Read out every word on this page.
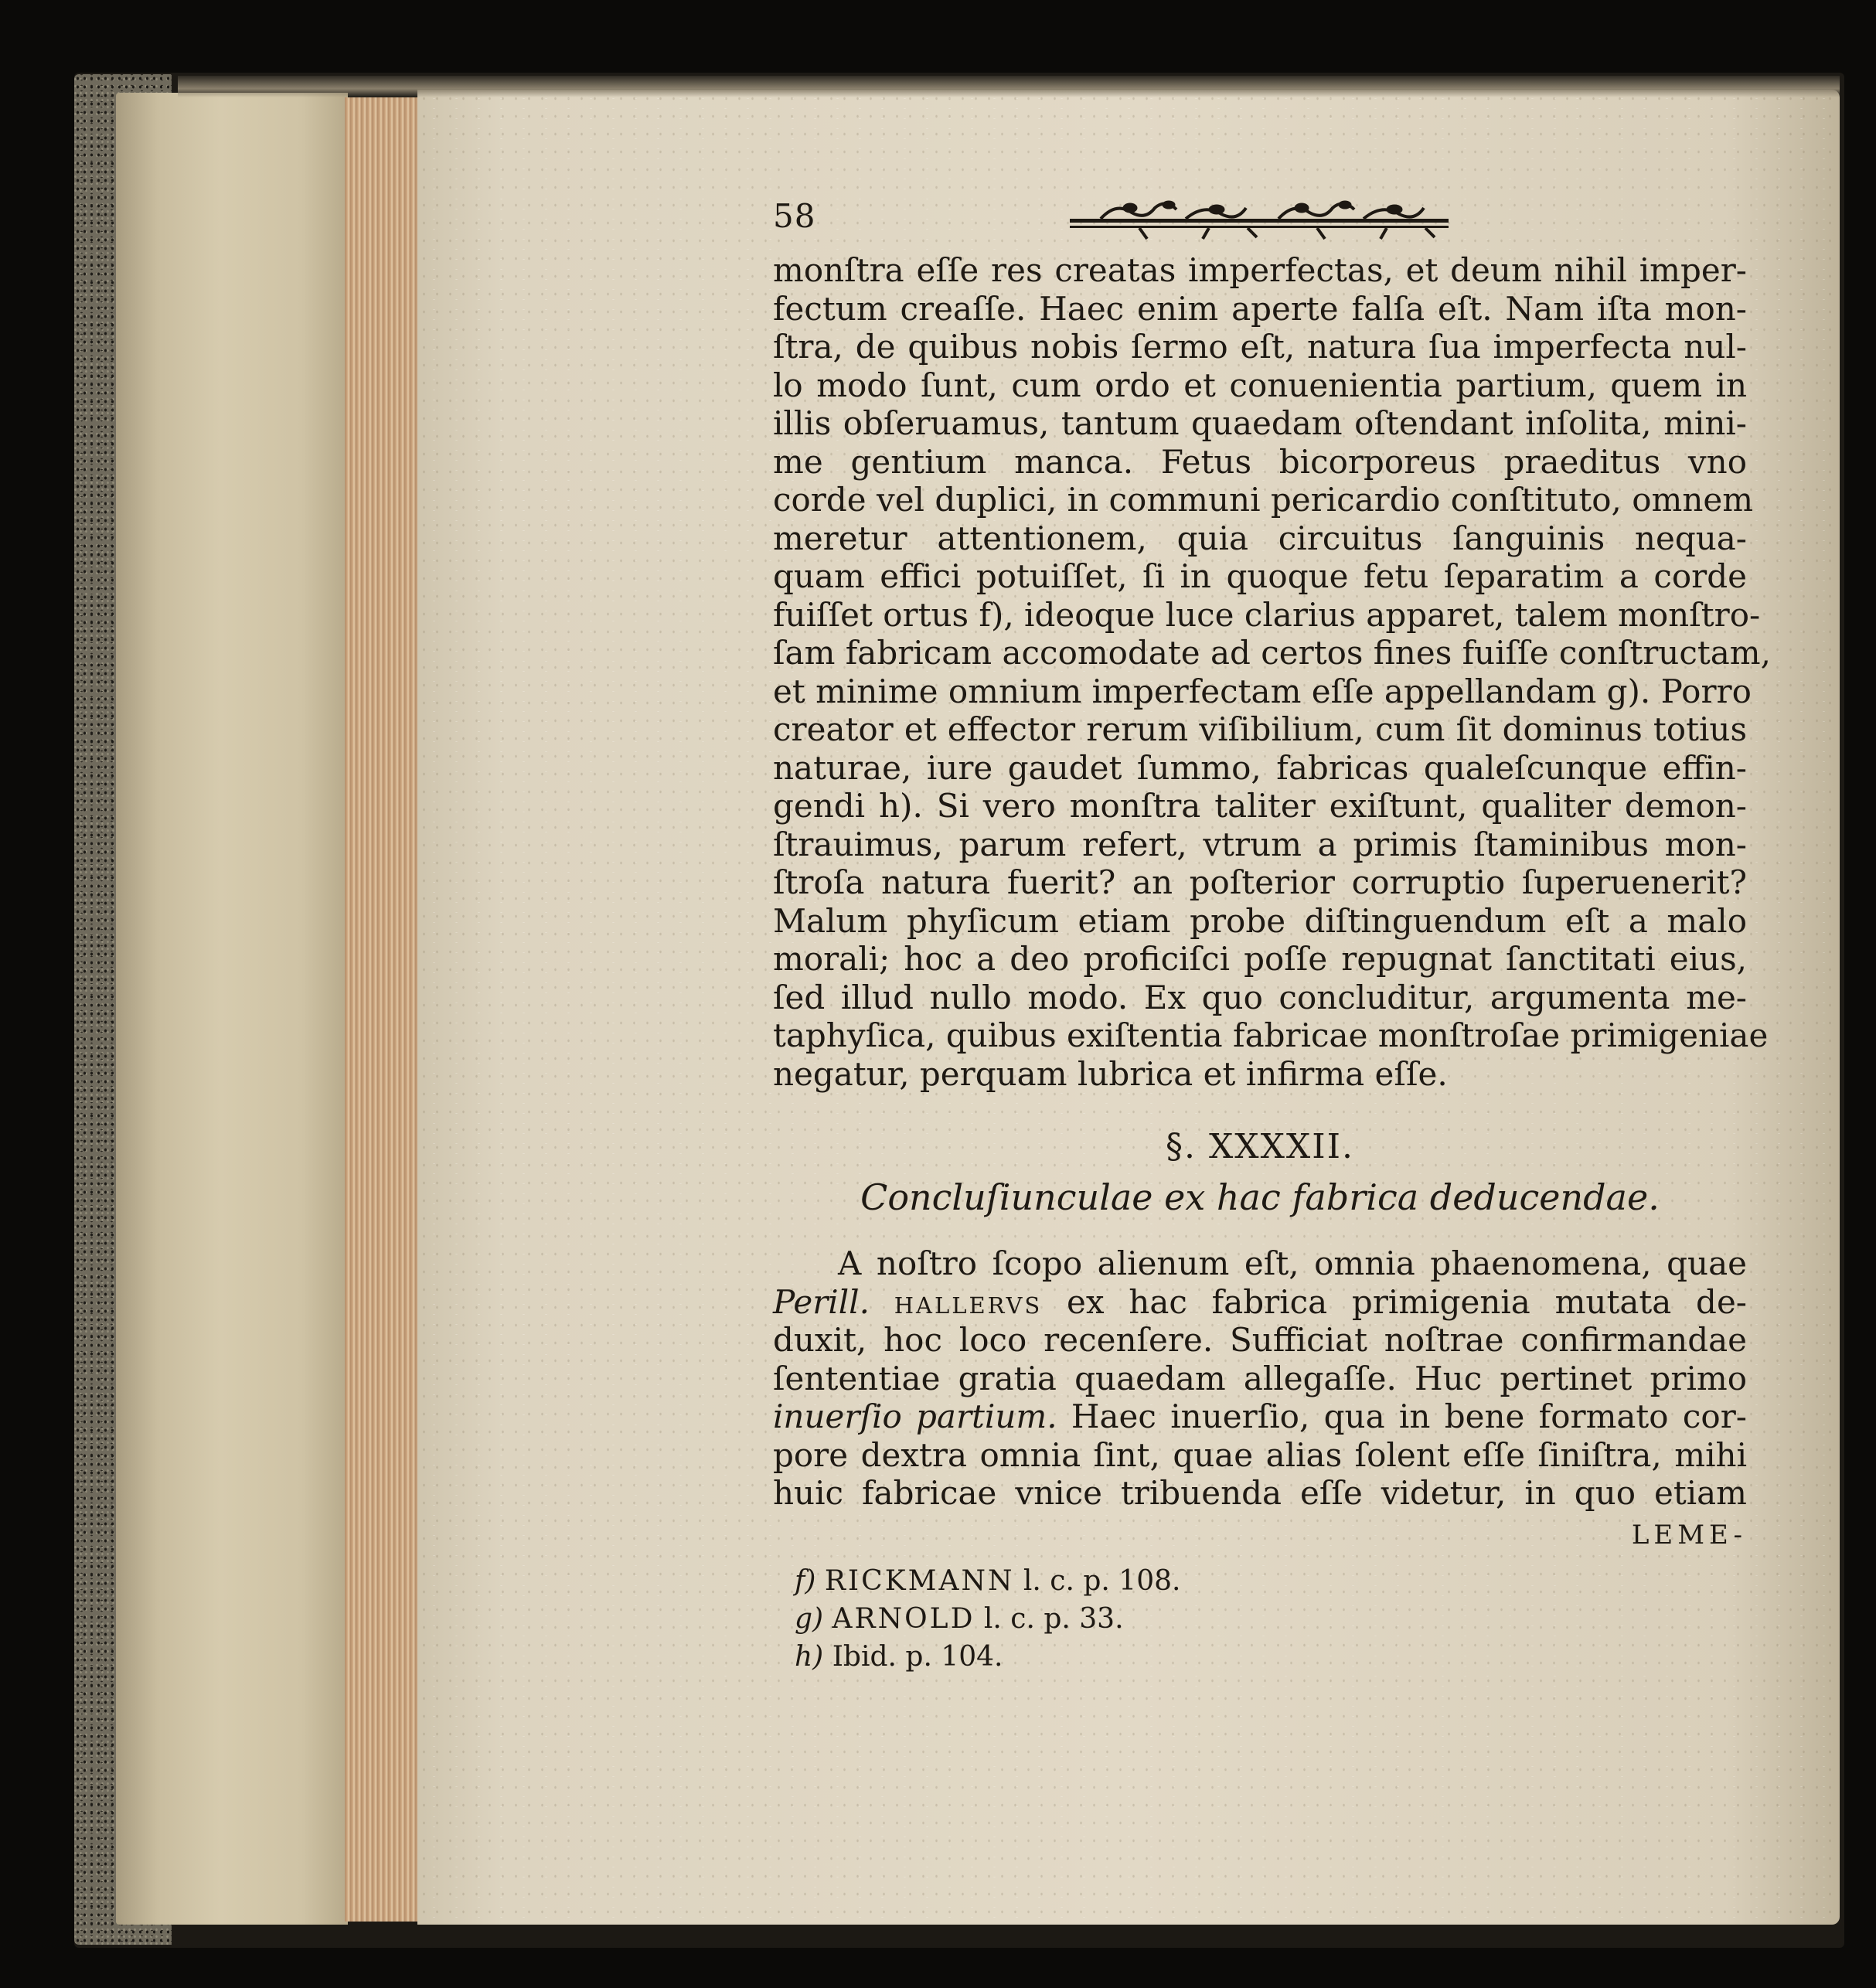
58

monſtra eſſe res creatas imperfectas, et deum nihil imper-

fectum creaſſe. Haec enim aperte falſa eſt. Nam iſta mon-

ſtra, de quibus nobis ſermo eſt, natura ſua imperfecta nul-

lo modo ſunt, cum ordo et conuenientia partium, quem in

illis obſeruamus, tantum quaedam oſtendant inſolita, mini-

me gentium manca. Fetus bicorporeus praeditus vno

corde vel duplici, in communi pericardio conſtituto, omnem

meretur attentionem, quia circuitus ſanguinis nequa-

quam effici potuiſſet, ſi in quoque fetu ſeparatim a corde

fuiſſet ortus f), ideoque luce clarius apparet, talem monſtro-

ſam fabricam accomodate ad certos fines fuiſſe conſtructam,

et minime omnium imperfectam eſſe appellandam g). Porro

creator et effector rerum viſibilium, cum ſit dominus totius

naturae, iure gaudet ſummo, fabricas qualeſcunque effin-

gendi h). Si vero monſtra taliter exiſtunt, qualiter demon-

ſtrauimus, parum refert, vtrum a primis ſtaminibus mon-

ſtroſa natura fuerit? an poſterior corruptio ſuperuenerit?

Malum phyſicum etiam probe diſtinguendum eſt a malo

morali; hoc a deo proficiſci poſſe repugnat ſanctitati eius,

ſed illud nullo modo. Ex quo concluditur, argumenta me-

taphyſica, quibus exiſtentia fabricae monſtroſae primigeniae

negatur, perquam lubrica et infirma eſſe.

§. XXXXII.
Concluſiunculae ex hac fabrica deducendae.

A noſtro ſcopo alienum eſt, omnia phaenomena, quae

Perill. hallervs ex hac fabrica primigenia mutata de-

duxit, hoc loco recenſere. Sufficiat noſtrae confirmandae

ſententiae gratia quaedam allegaſſe. Huc pertinet primo

inuerſio partium. Haec inuerſio, qua in bene formato cor-

pore dextra omnia ſint, quae alias ſolent eſſe ſiniſtra, mihi

huic fabricae vnice tribuenda eſſe videtur, in quo etiam

LEME-
f) RICKMANN l. c. p. 108.
g) ARNOLD l. c. p. 33.
h) Ibid. p. 104.
